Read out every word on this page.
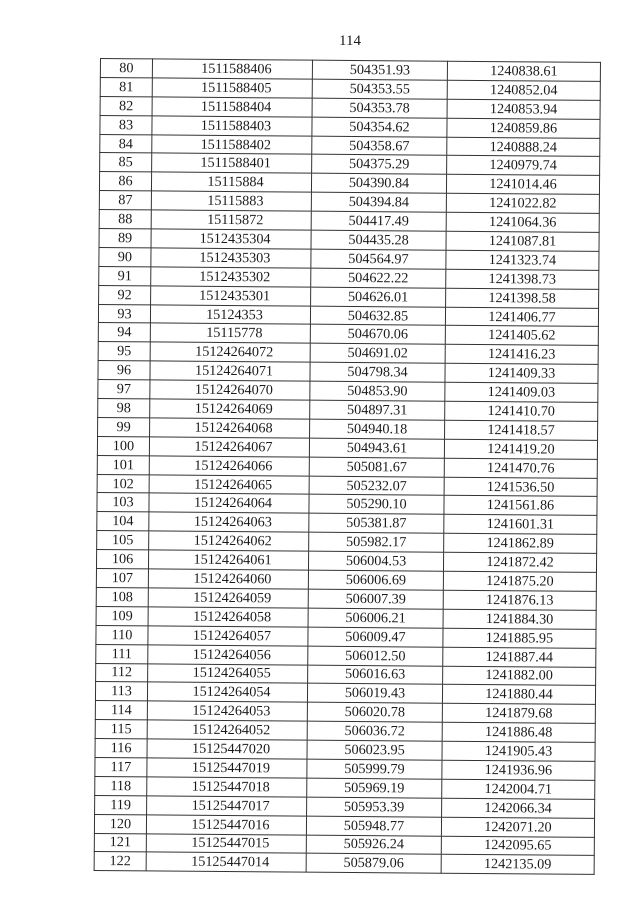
114
80	1511588406	504351.93	1240838.61
81	1511588405	504353.55	1240852.04
82	1511588404	504353.78	1240853.94
83	1511588403	504354.62	1240859.86
84	1511588402	504358.67	1240888.24
85	1511588401	504375.29	1240979.74
86	15115884	504390.84	1241014.46
87	15115883	504394.84	1241022.82
88	15115872	504417.49	1241064.36
89	1512435304	504435.28	1241087.81
90	1512435303	504564.97	1241323.74
91	1512435302	504622.22	1241398.73
92	1512435301	504626.01	1241398.58
93	15124353	504632.85	1241406.77
94	15115778	504670.06	1241405.62
95	15124264072	504691.02	1241416.23
96	15124264071	504798.34	1241409.33
97	15124264070	504853.90	1241409.03
98	15124264069	504897.31	1241410.70
99	15124264068	504940.18	1241418.57
100	15124264067	504943.61	1241419.20
101	15124264066	505081.67	1241470.76
102	15124264065	505232.07	1241536.50
103	15124264064	505290.10	1241561.86
104	15124264063	505381.87	1241601.31
105	15124264062	505982.17	1241862.89
106	15124264061	506004.53	1241872.42
107	15124264060	506006.69	1241875.20
108	15124264059	506007.39	1241876.13
109	15124264058	506006.21	1241884.30
110	15124264057	506009.47	1241885.95
111	15124264056	506012.50	1241887.44
112	15124264055	506016.63	1241882.00
113	15124264054	506019.43	1241880.44
114	15124264053	506020.78	1241879.68
115	15124264052	506036.72	1241886.48
116	15125447020	506023.95	1241905.43
117	15125447019	505999.79	1241936.96
118	15125447018	505969.19	1242004.71
119	15125447017	505953.39	1242066.34
120	15125447016	505948.77	1242071.20
121	15125447015	505926.24	1242095.65
122	15125447014	505879.06	1242135.09
